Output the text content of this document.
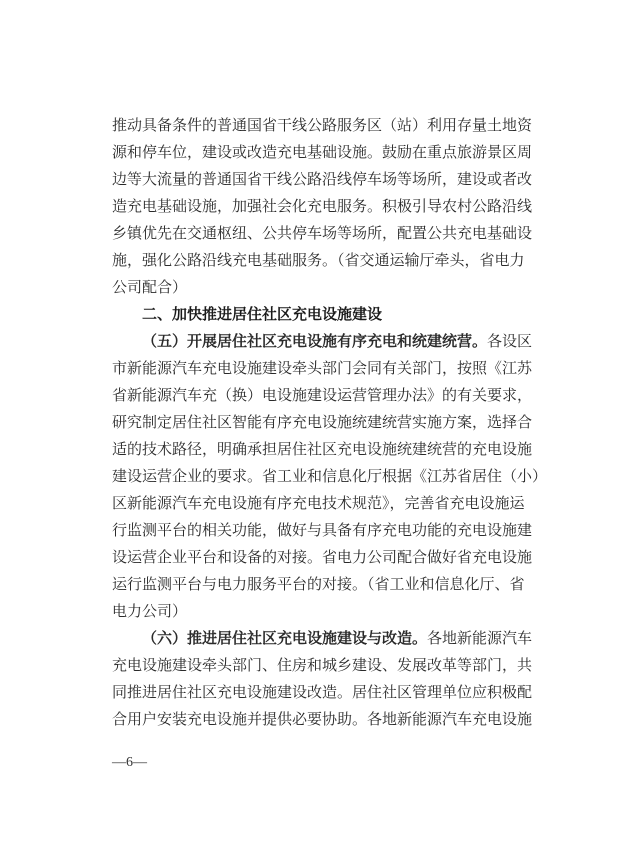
推动具备条件的普通国省干线公路服务区（站）利用存量土地资
源和停车位，建设或改造充电基础设施。鼓励在重点旅游景区周
边等大流量的普通国省干线公路沿线停车场等场所，建设或者改
造充电基础设施，加强社会化充电服务。积极引导农村公路沿线
乡镇优先在交通枢纽、公共停车场等场所，配置公共充电基础设
施，强化公路沿线充电基础服务。（省交通运输厅牵头，省电力
公司配合）
二、加快推进居住社区充电设施建设
（五）开展居住社区充电设施有序充电和统建统营。各设区
市新能源汽车充电设施建设牵头部门会同有关部门，按照《江苏
省新能源汽车充（换）电设施建设运营管理办法》的有关要求，
研究制定居住社区智能有序充电设施统建统营实施方案，选择合
适的技术路径，明确承担居住社区充电设施统建统营的充电设施
建设运营企业的要求。省工业和信息化厅根据《江苏省居住（小）
区新能源汽车充电设施有序充电技术规范》，完善省充电设施运
行监测平台的相关功能，做好与具备有序充电功能的充电设施建
设运营企业平台和设备的对接。省电力公司配合做好省充电设施
运行监测平台与电力服务平台的对接。（省工业和信息化厅、省
电力公司）
（六）推进居住社区充电设施建设与改造。各地新能源汽车
充电设施建设牵头部门、住房和城乡建设、发展改革等部门，共
同推进居住社区充电设施建设改造。居住社区管理单位应积极配
合用户安装充电设施并提供必要协助。各地新能源汽车充电设施
—6—
